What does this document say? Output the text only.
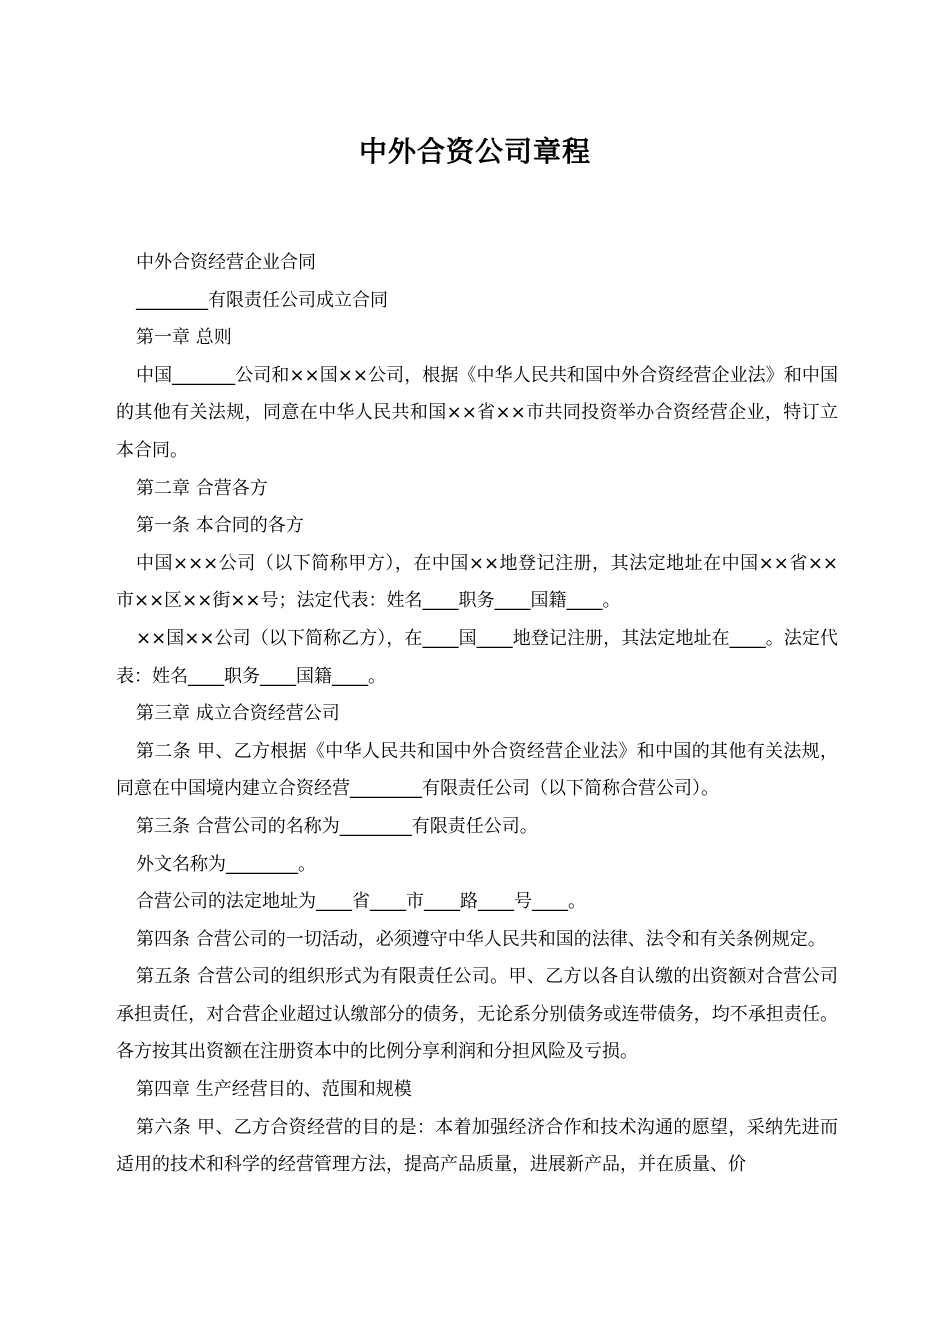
中外合资公司章程

中外合资经营企业合同

________有限责任公司成立合同

第一章 总则

中国_______公司和××国××公司，根据《中华人民共和国中外合资经营企业法》和中国的其他有关法规，同意在中华人民共和国××省××市共同投资举办合资经营企业，特订立本合同。

第二章 合营各方

第一条 本合同的各方

中国×××公司（以下简称甲方），在中国××地登记注册，其法定地址在中国××省××市××区××街××号；法定代表：姓名____职务____国籍____。

××国××公司（以下简称乙方），在____国____地登记注册，其法定地址在____。法定代表：姓名____职务____国籍____。

第三章 成立合资经营公司

第二条 甲、乙方根据《中华人民共和国中外合资经营企业法》和中国的其他有关法规，同意在中国境内建立合资经营________有限责任公司（以下简称合营公司）。

第三条 合营公司的名称为________有限责任公司。

外文名称为________。

合营公司的法定地址为____省____市____路____号____。

第四条 合营公司的一切活动，必须遵守中华人民共和国的法律、法令和有关条例规定。

第五条 合营公司的组织形式为有限责任公司。甲、乙方以各自认缴的出资额对合营公司承担责任，对合营企业超过认缴部分的债务，无论系分别债务或连带债务，均不承担责任。各方按其出资额在注册资本中的比例分享利润和分担风险及亏损。

第四章 生产经营目的、范围和规模

第六条 甲、乙方合资经营的目的是：本着加强经济合作和技术沟通的愿望，采纳先进而适用的技术和科学的经营管理方法，提高产品质量，进展新产品，并在质量、价
